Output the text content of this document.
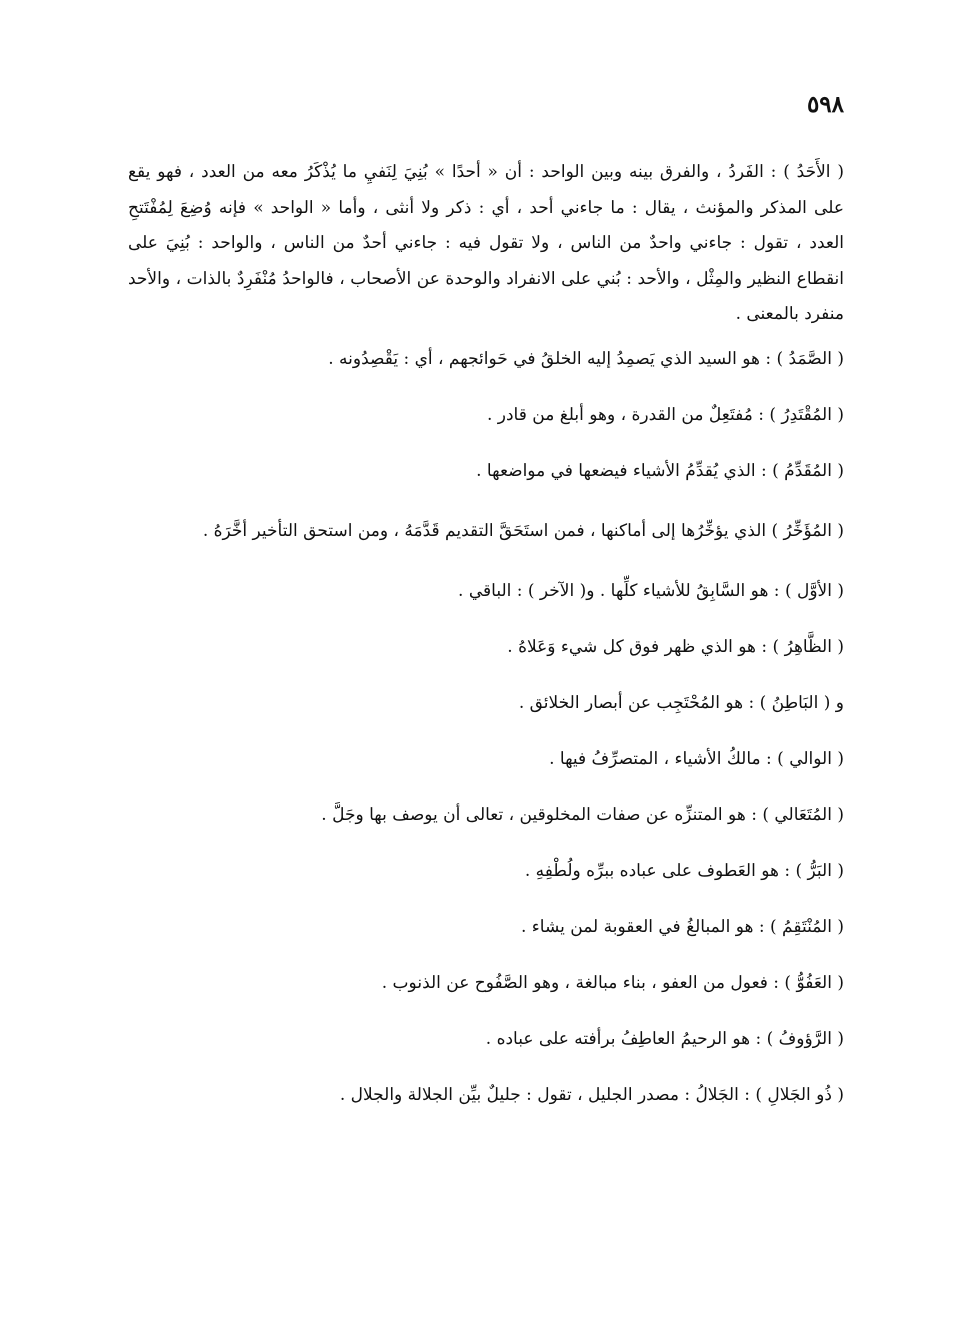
٥٩٨

( الأَحَدُ ) : الفَردُ ، والفرق بينه وبين الواحد : أن « أحدًا » بُنِيَ لِنَفيِ ما يُذْكَرُ معه من العدد ، فهو يقع على المذكر والمؤنث ، يقال : ما جاءني أحد ، أي : ذكر ولا أنثى ، وأما « الواحد » فإنه وُضِعَ لِمُفْتَتحِ العدد ، تقول : جاءني واحدٌ من الناس ، ولا تقول فيه : جاءني أحدٌ من الناس ، والواحد : بُنِيَ على انقطاع النظير والمِثْل ، والأحد : بُني على الانفراد والوحدة عن الأصحاب ، فالواحدُ مُنْفَرِدٌ بالذات ، والأحد منفرد بالمعنى .

( الصَّمَدُ ) : هو السيد الذي يَصمِدُ إليه الخلقُ في حَوائجهم ، أي : يَقْصِدُونه .

( المُقْتَدِرُ ) : مُفتَعِلٌ من القدرة ، وهو أبلغ من قادر .

( المُقَدِّمُ ) : الذي يُقدِّمُ الأشياء فيضعها في مواضعها .

( المُؤَخِّرُ ) الذي يؤخِّرُها إلى أماكنها ، فمن استَحَقَّ التقديم قَدَّمَهُ ، ومن استحق التأخير أخَّرَهُ .

( الأوَّل ) : هو السَّابِقُ للأشياء كلِّها . و( الآخر ) : الباقي .

( الظَّاهِرُ ) : هو الذي ظهر فوق كل شيء وَعَلاهُ .

و ( البَاطِنُ ) : هو المُحْتَجِب عن أبصار الخلائق .

( الوالي ) : مالكُ الأشياء ، المتصرِّفُ فيها .

( المُتَعَالي ) : هو المتنزِّه عن صفات المخلوقين ، تعالى أن يوصف بها وجَلَّ .

( البَرُّ ) : هو العَطوف على عباده ببرِّه ولُطْفِهِ .

( المُنْتَقِمُ ) : هو المبالغُ في العقوبة لمن يشاء .

( العَفُوُّ ) : فعول من العفو ، بناء مبالغة ، وهو الصَّفُوح عن الذنوب .

( الرَّؤوفُ ) : هو الرحيمُ العاطِفُ برأفته على عباده .

( ذُو الجَلالِ ) : الجَلالُ : مصدر الجليل ، تقول : جليلٌ بيِّن الجلالة والجلال .
